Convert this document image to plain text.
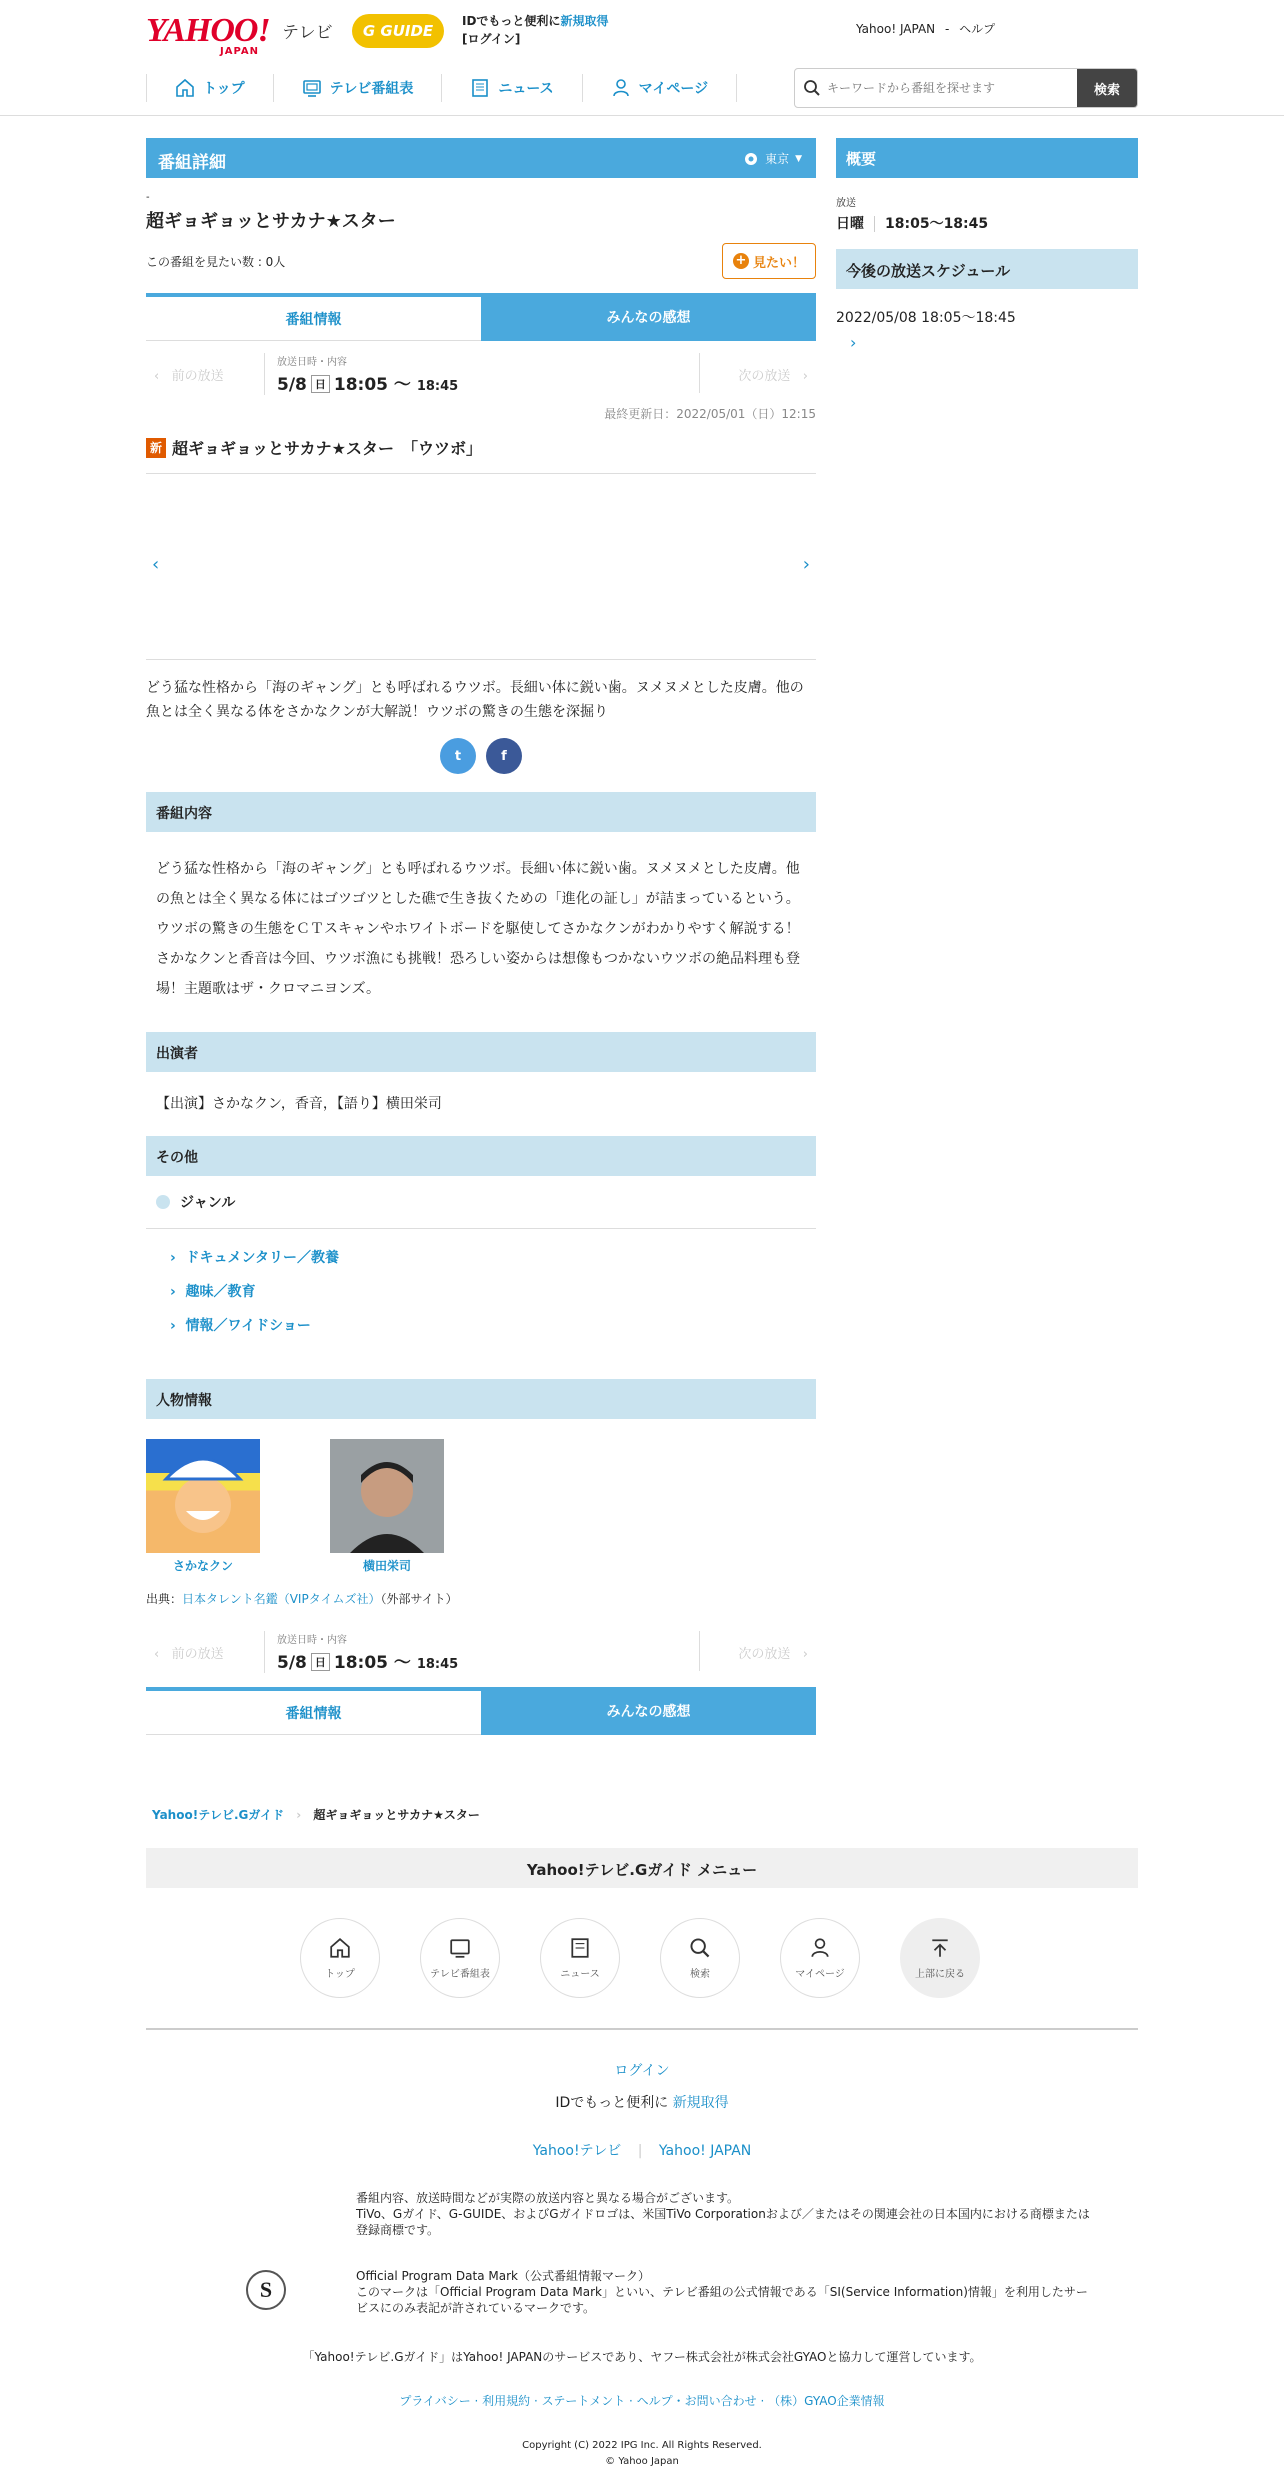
YAHOO!
JAPAN
テレビ	G GUIDE
IDでもっと便利に新規取得
[ログイン]
Yahoo! JAPAN - ヘルプ
トップ	テレビ番組表	ニュース	マイページ
キーワードから番組を探せます	検索
番組詳細	東京 ▼
-
超ギョギョッとサカナ★スター
この番組を見たい数 : 0人	+ 見たい！
番組情報	みんなの感想
‹   前の放送
放送日時・内容
5/8 日 18:05 〜 18:45
次の放送   ›
最終更新日：2022/05/01（日）12:15
新 超ギョギョッとサカナ★スター　「ウツボ」
‹	›

どう猛な性格から「海のギャング」とも呼ばれるウツボ。長細い体に鋭い歯。ヌメヌメとした皮膚。他の魚とは全く異なる体をさかなクンが大解説！ウツボの驚きの生態を深掘り

t	f
番組内容

どう猛な性格から「海のギャング」とも呼ばれるウツボ。長細い体に鋭い歯。ヌメヌメとした皮膚。他の魚とは全く異なる体にはゴツゴツとした礁で生き抜くための「進化の証し」が詰まっているという。ウツボの驚きの生態をＣＴスキャンやホワイトボードを駆使してさかなクンがわかりやすく解説する！さかなクンと香音は今回、ウツボ漁にも挑戦！恐ろしい姿からは想像もつかないウツボの絶品料理も登場！主題歌はザ・クロマニヨンズ。

出演者

【出演】さかなクン，香音，【語り】横田栄司

その他
ジャンル
›  ドキュメンタリー／教養
›  趣味／教育
›  情報／ワイドショー
人物情報
さかなクン	横田栄司
出典：日本タレント名鑑（VIPタイムズ社）（外部サイト）
‹   前の放送
放送日時・内容
5/8 日 18:05 〜 18:45
次の放送   ›
番組情報	みんなの感想
概要
放送
日曜 18:05～18:45
今後の放送スケジュール
2022/05/08 18:05～18:45
›
Yahoo!テレビ.Gガイド › 超ギョギョッとサカナ★スター
Yahoo!テレビ.Gガイド メニュー
トップ	テレビ番組表	ニュース	検索	マイページ	上部に戻る
ログイン
IDでもっと便利に 新規取得
Yahoo!テレビ | Yahoo! JAPAN
番組内容、放送時間などが実際の放送内容と異なる場合がございます。
TiVo、Gガイド、G-GUIDE、およびGガイドロゴは、米国TiVo Corporationおよび／またはその関連会社の日本国内における商標または登録商標です。
S
Official Program Data Mark（公式番組情報マーク）
このマークは「Official Program Data Mark」といい、テレビ番組の公式情報である「SI(Service Information)情報」を利用したサービスにのみ表記が許されているマークです。
「Yahoo!テレビ.Gガイド」はYahoo! JAPANのサービスであり、ヤフー株式会社が株式会社GYAOと協力して運営しています。
プライバシー · 利用規約 · ステートメント · ヘルプ・お問い合わせ · （株）GYAO企業情報
Copyright (C) 2022 IPG Inc. All Rights Reserved.
© Yahoo Japan
